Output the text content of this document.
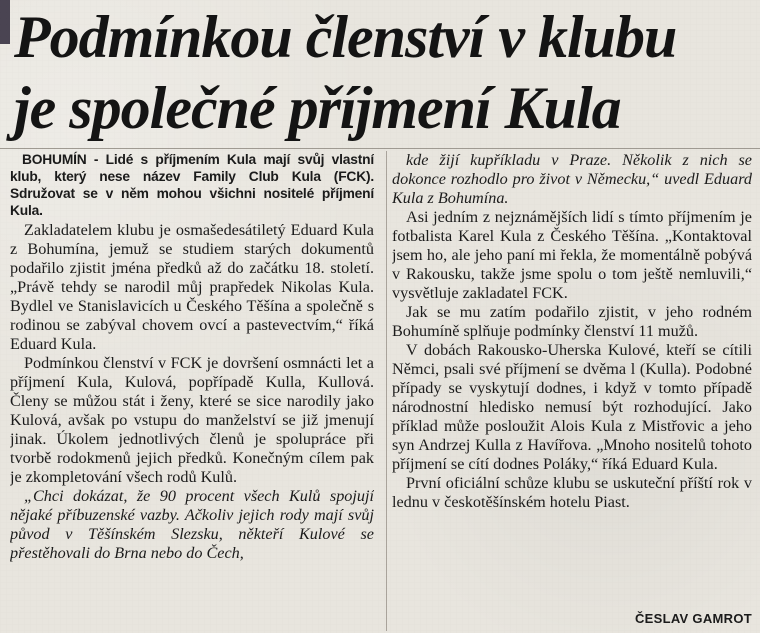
Podmínkou členství v klubu
je společné příjmení Kula

BOHUMÍN - Lidé s příjmením Kula mají svůj vlastní klub, který nese název Family Club Kula (FCK). Sdružovat se v něm mohou všichni nositelé příjmení Kula.

Zakladatelem klubu je osmašedesátiletý Eduard Kula z Bohumína, jemuž se studiem starých dokumentů podařilo zjistit jména předků až do začátku 18. století. „Právě tehdy se narodil můj prapředek Nikolas Kula. Bydlel ve Stanislavicích u Českého Těšína a společně s rodinou se zabýval chovem ovcí a pastevectvím,“ říká Eduard Kula.

Podmínkou členství v FCK je dovršení osmnácti let a příjmení Kula, Kulová, popřípadě Kulla, Kullová. Členy se můžou stát i ženy, které se sice narodily jako Kulová, avšak po vstupu do manželství se již jmenují jinak. Úkolem jednotlivých členů je spolupráce při tvorbě rodokmenů jejich předků. Konečným cílem pak je zkompletování všech rodů Kulů.

„Chci dokázat, že 90 procent všech Kulů spojují nějaké příbuzenské vazby. Ačkoliv jejich rody mají svůj původ v Těšínském Slezsku, někteří Kulové se přestěhovali do Brna nebo do Čech,

kde žijí kupříkladu v Praze. Několik z nich se dokonce rozhodlo pro život v Německu,“ uvedl Eduard Kula z Bohumína.

Asi jedním z nejznámějších lidí s tímto příjmením je fotbalista Karel Kula z Českého Těšína. „Kontaktoval jsem ho, ale jeho paní mi řekla, že momentálně pobývá v Rakousku, takže jsme spolu o tom ještě nemluvili,“ vysvětluje zakladatel FCK.

Jak se mu zatím podařilo zjistit, v jeho rodném Bohumíně splňuje podmínky členství 11 mužů.

V dobách Rakousko-Uherska Kulové, kteří se cítili Němci, psali své příjmení se dvěma l (Kulla). Podobné případy se vyskytují dodnes, i když v tomto případě národnostní hledisko nemusí být rozhodující. Jako příklad může posloužit Alois Kula z Mistřovic a jeho syn Andrzej Kulla z Havířova. „Mnoho nositelů tohoto příjmení se cítí dodnes Poláky,“ říká Eduard Kula.

První oficiální schůze klubu se uskuteční příští rok v lednu v českotěšínském hotelu Piast.

ČESLAV GAMROT
